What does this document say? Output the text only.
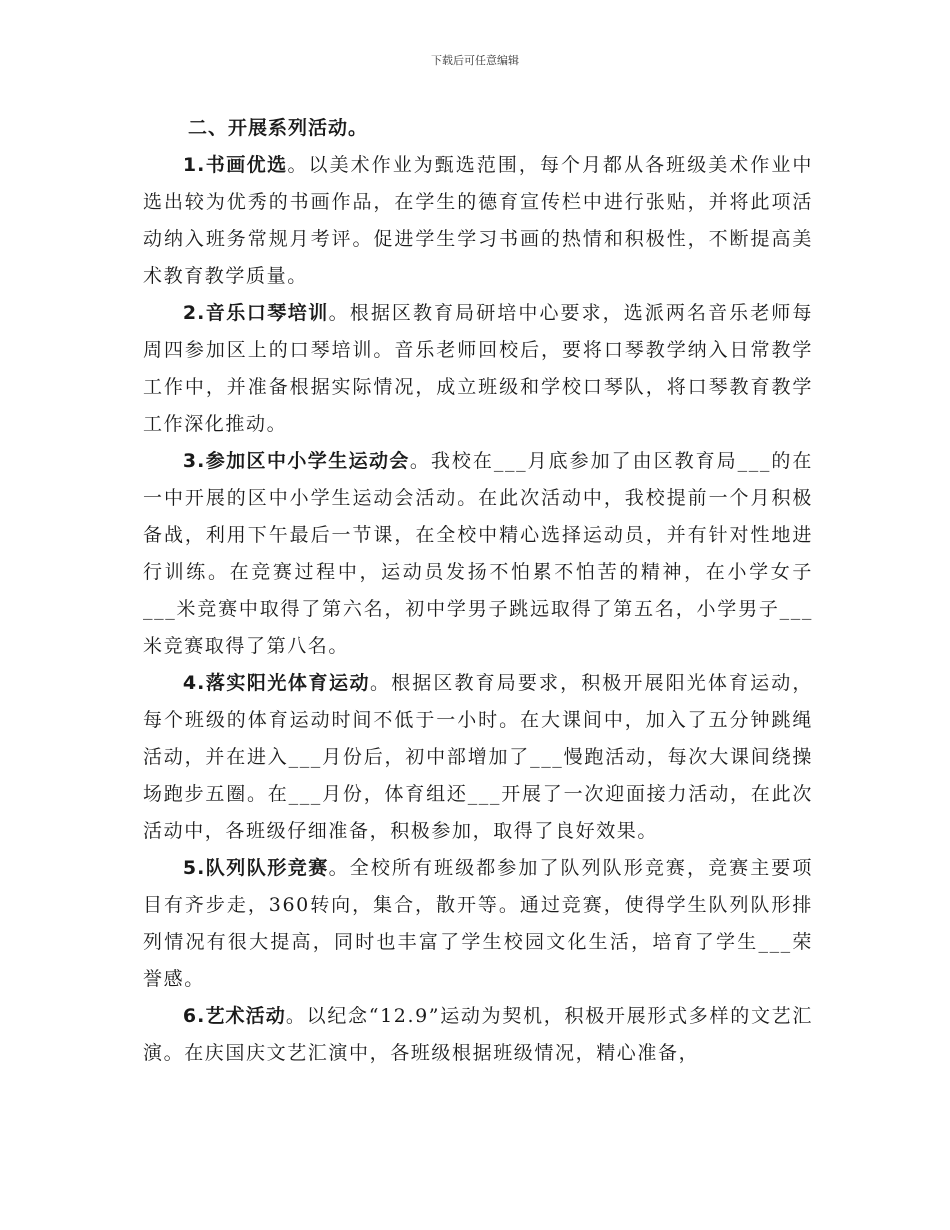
下载后可任意编辑

二、开展系列活动。

1.书画优选。以美术作业为甄选范围，每个月都从各班级美术作业中选出较为优秀的书画作品，在学生的德育宣传栏中进行张贴，并将此项活动纳入班务常规月考评。促进学生学习书画的热情和积极性，不断提高美术教育教学质量。

2.音乐口琴培训。根据区教育局研培中心要求，选派两名音乐老师每周四参加区上的口琴培训。音乐老师回校后，要将口琴教学纳入日常教学工作中，并准备根据实际情况，成立班级和学校口琴队，将口琴教育教学工作深化推动。

3.参加区中小学生运动会。我校在___月底参加了由区教育局___的在一中开展的区中小学生运动会活动。在此次活动中，我校提前一个月积极备战，利用下午最后一节课，在全校中精心选择运动员，并有针对性地进行训练。在竞赛过程中，运动员发扬不怕累不怕苦的精神，在小学女子___米竞赛中取得了第六名，初中学男子跳远取得了第五名，小学男子___米竞赛取得了第八名。

4.落实阳光体育运动。根据区教育局要求，积极开展阳光体育运动，每个班级的体育运动时间不低于一小时。在大课间中，加入了五分钟跳绳活动，并在进入___月份后，初中部增加了___慢跑活动，每次大课间绕操场跑步五圈。在___月份，体育组还___开展了一次迎面接力活动，在此次活动中，各班级仔细准备，积极参加，取得了良好效果。

5.队列队形竞赛。全校所有班级都参加了队列队形竞赛，竞赛主要项目有齐步走，360转向，集合，散开等。通过竞赛，使得学生队列队形排列情况有很大提高，同时也丰富了学生校园文化生活，培育了学生___荣誉感。

6.艺术活动。以纪念“12.9”运动为契机，积极开展形式多样的文艺汇演。在庆国庆文艺汇演中，各班级根据班级情况，精心准备，
